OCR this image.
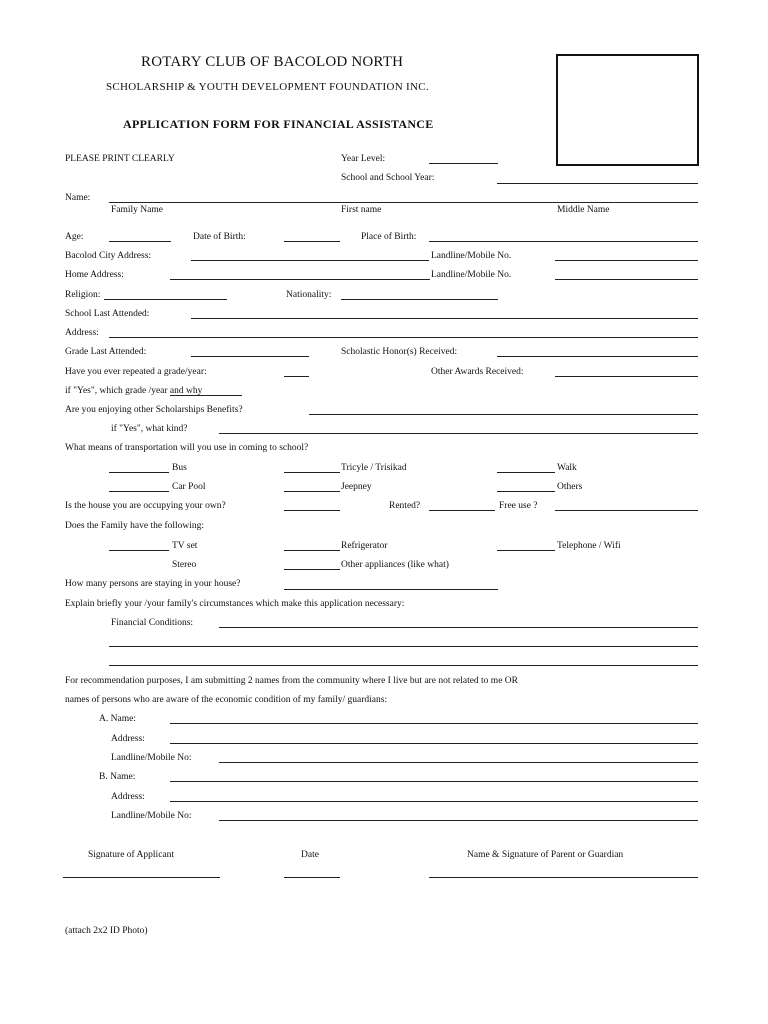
ROTARY CLUB OF BACOLOD NORTH
SCHOLARSHIP & YOUTH DEVELOPMENT FOUNDATION INC.
APPLICATION FORM FOR FINANCIAL ASSISTANCE
PLEASE PRINT CLEARLY	Year Level:
School and School Year:
Name:
Family Name	First name	Middle Name
Age:	Date of Birth:	Place of Birth:
Bacolod City Address:	Landline/Mobile No.
Home Address:	Landline/Mobile No.
Religion:	Nationality:
School Last Attended:
Address:
Grade Last Attended:	Scholastic Honor(s) Received:
Have you ever repeated a grade/year:	Other Awards Received:
if "Yes", which grade /year and why
Are you enjoying other Scholarships Benefits?
if "Yes", what kind?
What means of transportation will you use in coming to school?
Bus	Tricyle / Trisikad	Walk
Car Pool	Jeepney	Others
Is the house you are occupying your own?	Rented?	Free use ?
Does the Family have the following:
TV set	Refrigerator	Telephone / Wifi
Stereo	Other appliances (like what)
How many persons are staying in your house?
Explain briefly your /your family's circumstances which make this application necessary:
Financial Conditions:
For recommendation purposes, I am submitting 2 names from the community where I live but are not related to me OR
names of persons who are aware of the economic condition of my family/ guardians:
A. Name:
Address:
Landline/Mobile No:
B. Name:
Address:
Landline/Mobile No:
Signature of Applicant	Date	Name & Signature of Parent or Guardian
(attach 2x2 ID Photo)
